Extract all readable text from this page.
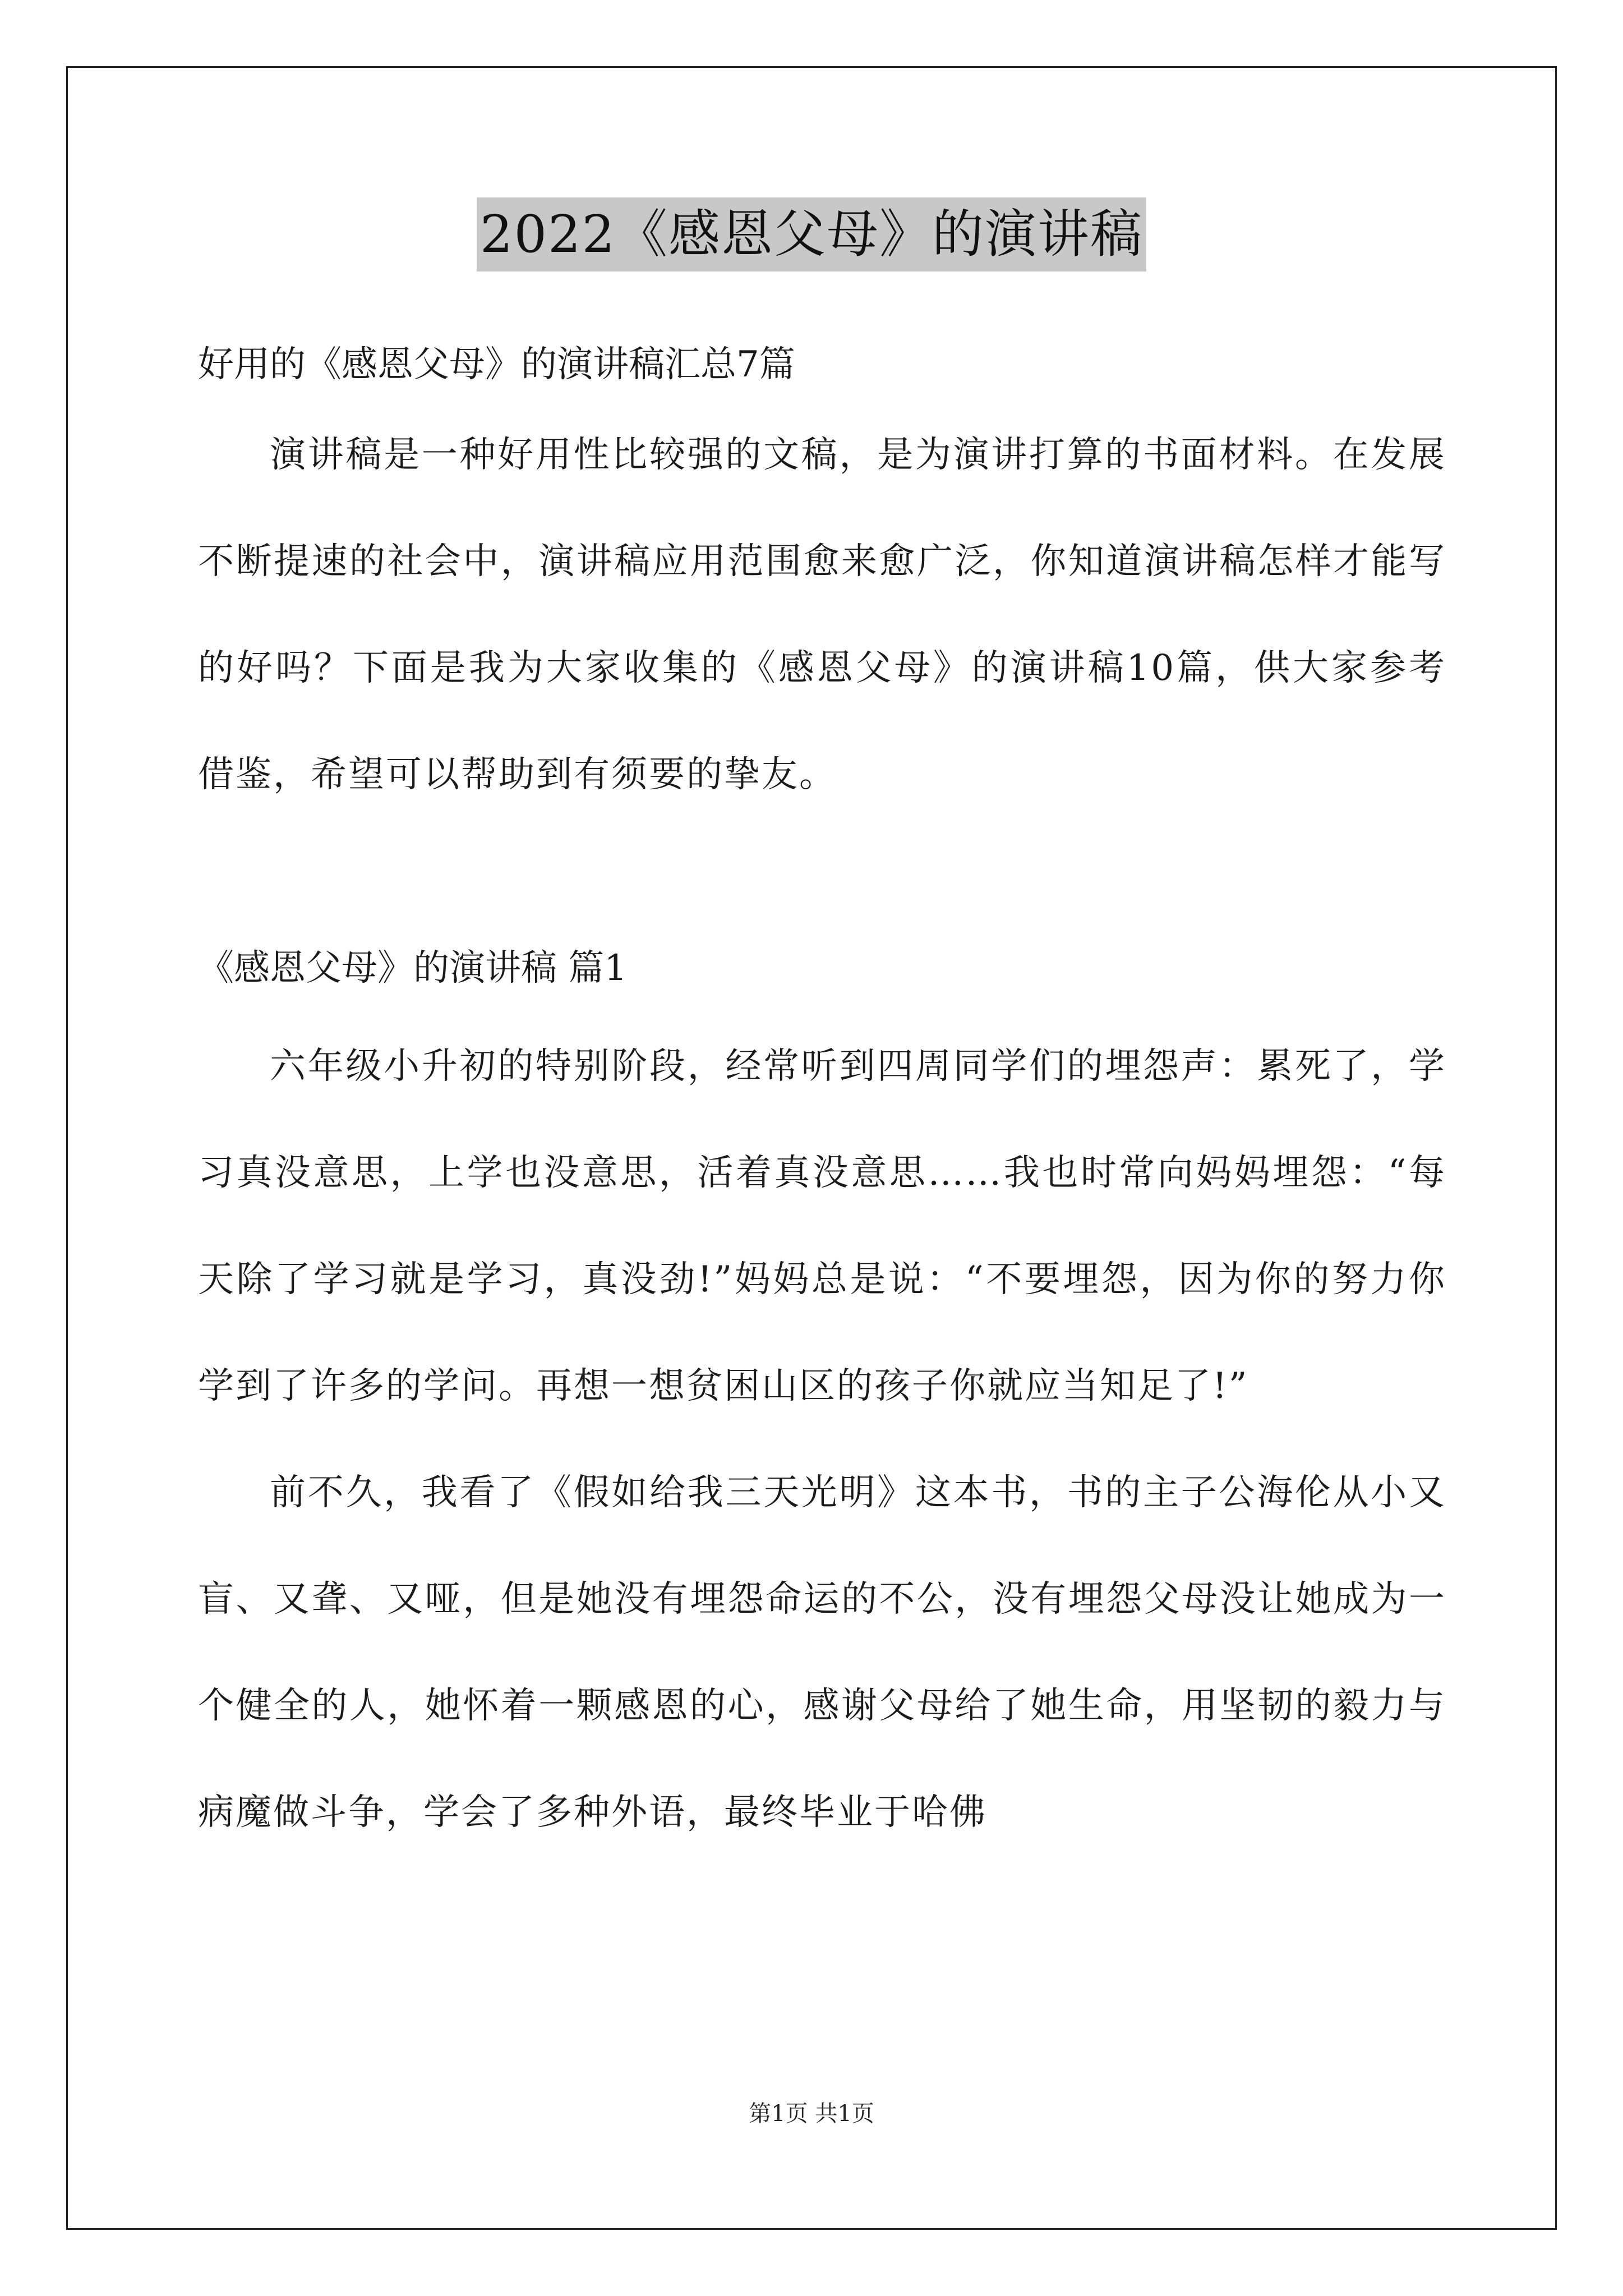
2022《感恩父母》的演讲稿

好用的《感恩父母》的演讲稿汇总7篇

演讲稿是一种好用性比较强的文稿，是为演讲打算的书面材料。在发展不断提速的社会中，演讲稿应用范围愈来愈广泛，你知道演讲稿怎样才能写的好吗？下面是我为大家收集的《感恩父母》的演讲稿10篇，供大家参考借鉴，希望可以帮助到有须要的挚友。

《感恩父母》的演讲稿 篇1

六年级小升初的特别阶段，经常听到四周同学们的埋怨声：累死了，学习真没意思，上学也没意思，活着真没意思……我也时常向妈妈埋怨：“每天除了学习就是学习，真没劲!”妈妈总是说：“不要埋怨，因为你的努力你学到了许多的学问。再想一想贫困山区的孩子你就应当知足了!”

前不久，我看了《假如给我三天光明》这本书，书的主子公海伦从小又盲、又聋、又哑，但是她没有埋怨命运的不公，没有埋怨父母没让她成为一个健全的人，她怀着一颗感恩的心，感谢父母给了她生命，用坚韧的毅力与病魔做斗争，学会了多种外语，最终毕业于哈佛

第1页 共1页
